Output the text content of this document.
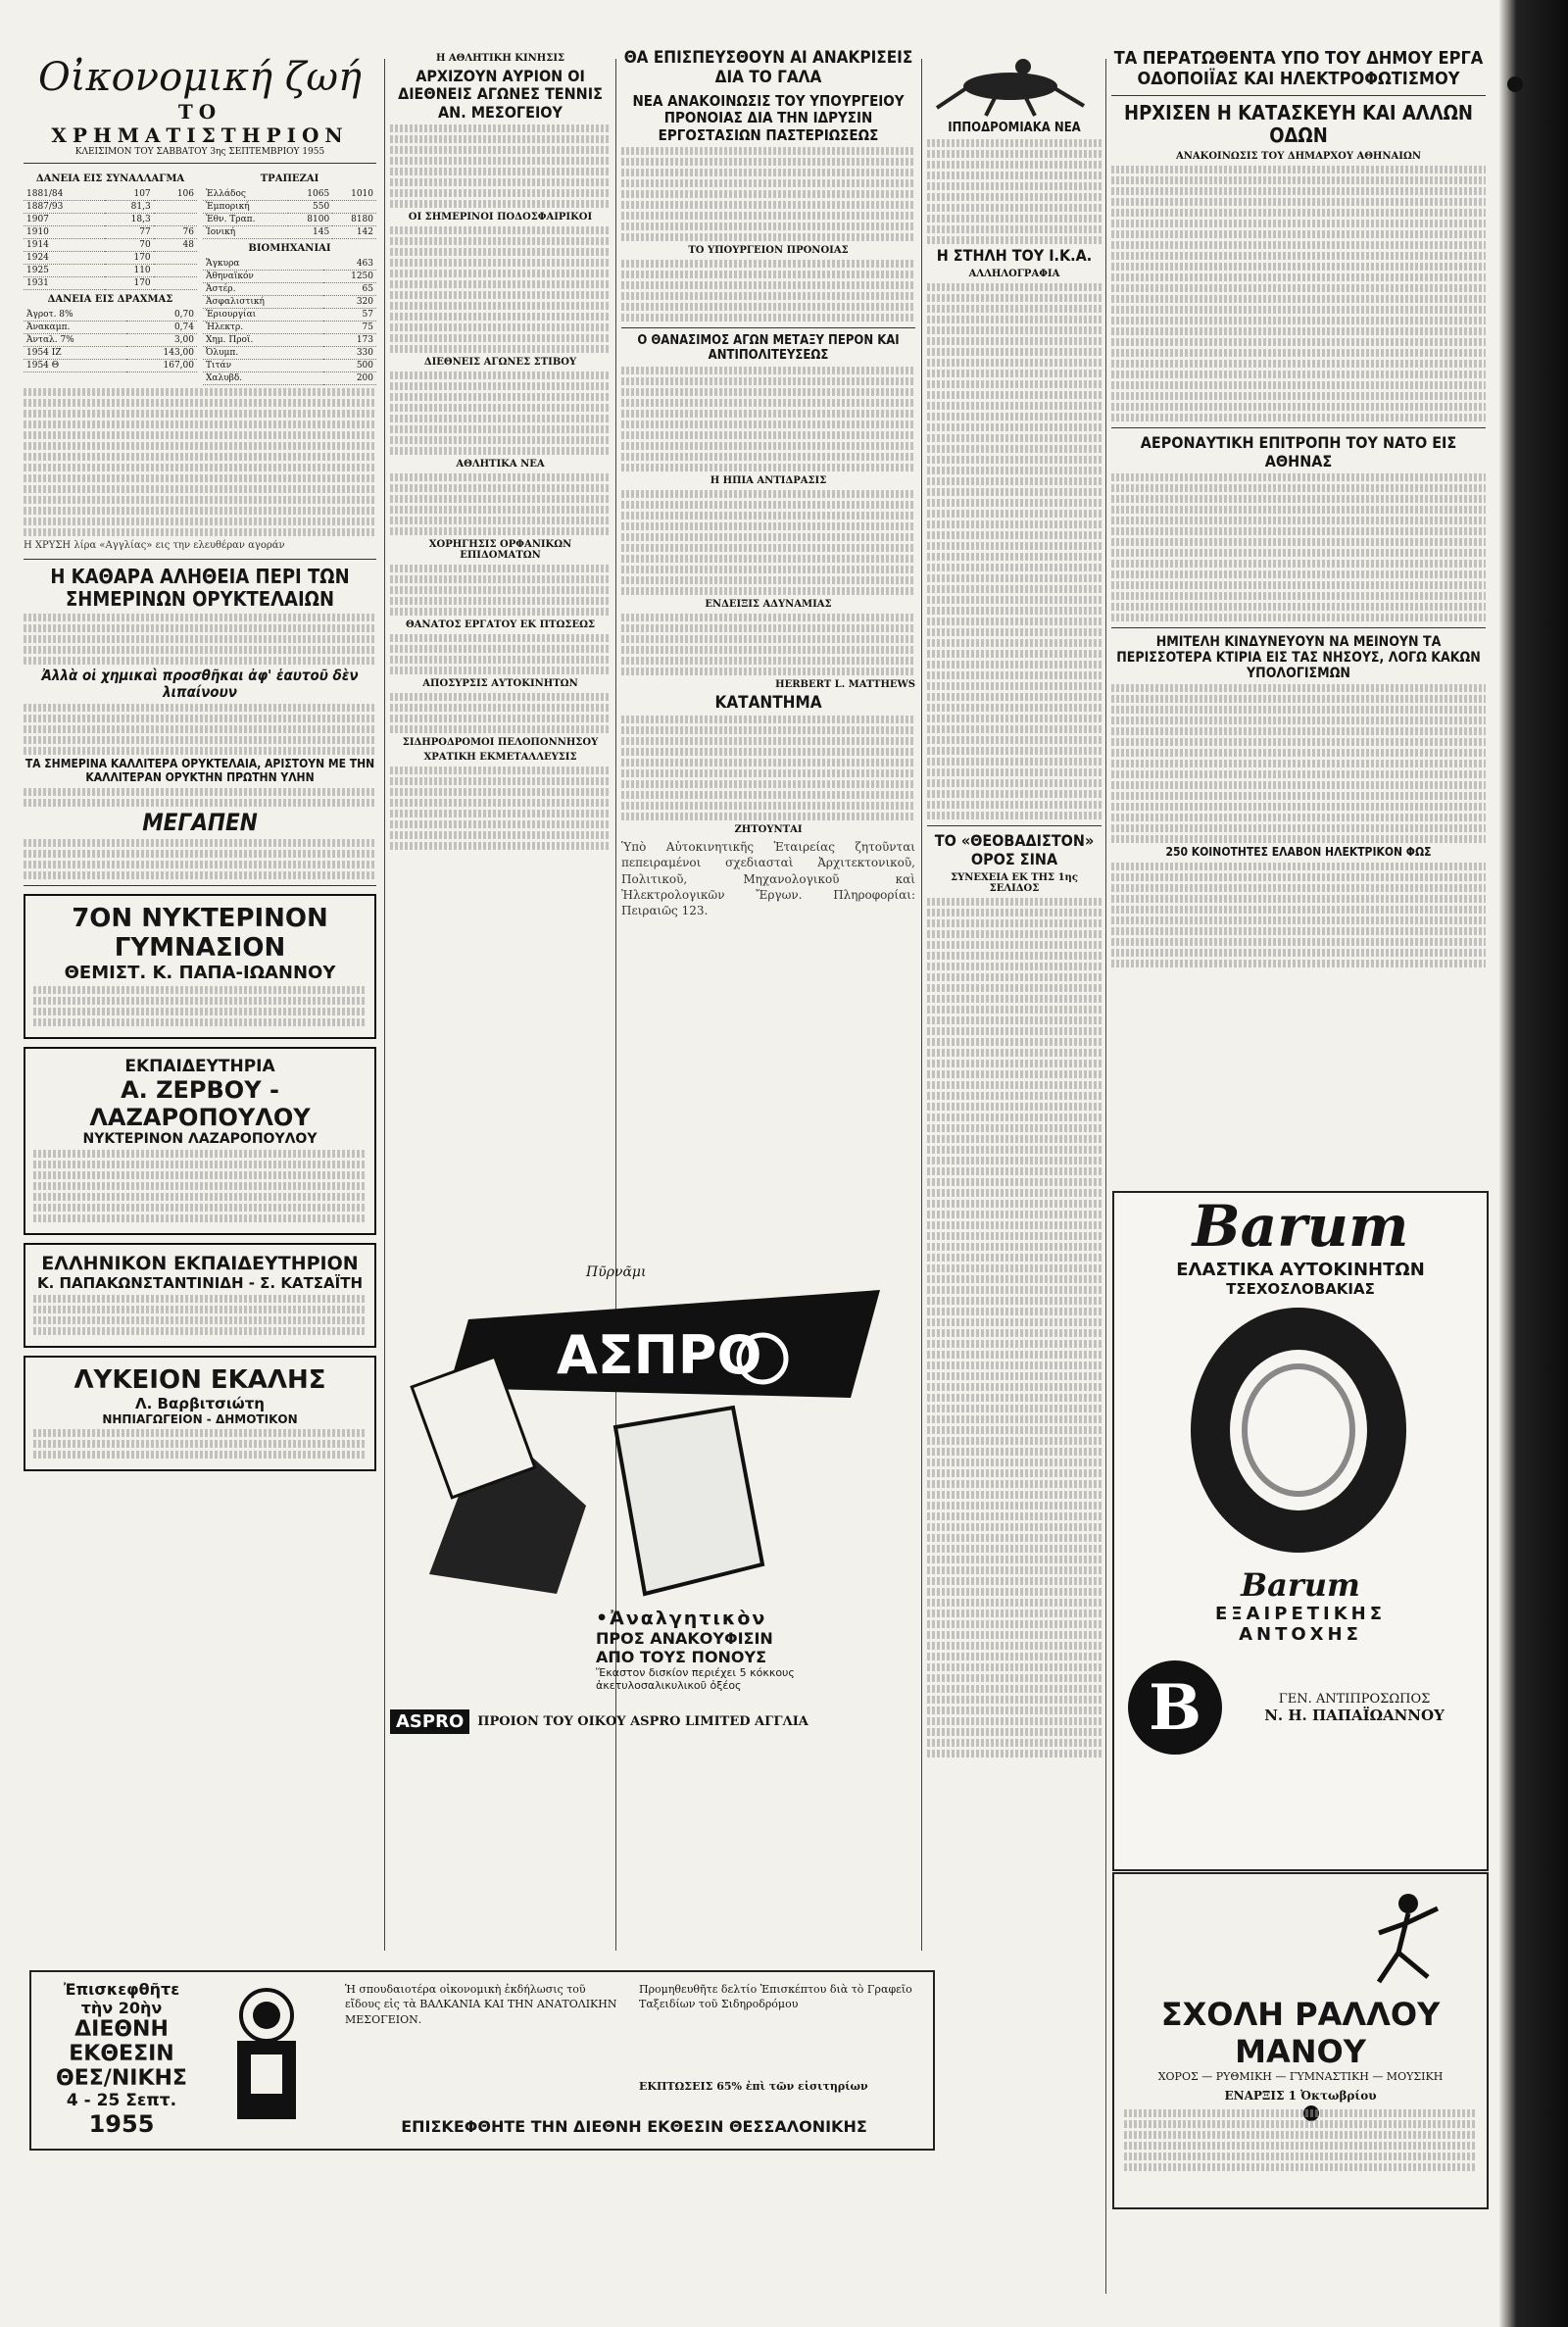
Οἰκονομική ζωή
ΤΟ ΧΡΗΜΑΤΙΣΤΗΡΙΟΝ
ΚΛΕΙΣΙΜΟΝ ΤΟΥ ΣΑΒΒΑΤΟΥ 3ης ΣΕΠΤΕΜΒΡΙΟΥ 1955
ΔΑΝΕΙΑ ΕΙΣ ΣΥΝΑΛΛΑΓΜΑ
1881/84	107	106
1887/93	81,3	
1907	18,3	
1910	77	76
1914	70	48
1924	170	
1925	110	
1931	170	
ΔΑΝΕΙΑ ΕΙΣ ΔΡΑΧΜΑΣ
Ἀγροτ. 8%	0,70
Ἀνακαμπ.	0,74
Ἀνταλ. 7%	3,00
1954 ΙΖ	143,00
1954 Θ	167,00
ΤΡΑΠΕΖΑΙ
Ἑλλάδος	1065	1010
Ἐμπορική	550	
Ἐθν. Τραπ.	8100	8180
Ἰονική	145	142
ΒΙΟΜΗΧΑΝΙΑΙ
Ἄγκυρα	463
Ἀθηναϊκόν	1250
Ἀστέρ.	65
Ἀσφαλιστική	320
Ἐριουργίαι	57
Ἠλεκτρ.	75
Χημ. Προϊ.	173
Ὀλυμπ.	330
Τιτάν	500
Χαλυβδ.	200
Η ΧΡΥΣΗ λίρα «Αγγλίας» εις την ελευθέραν αγοράν
Η ΚΑΘΑΡΑ ΑΛΗΘΕΙΑ ΠΕΡΙ ΤΩΝ ΣΗΜΕΡΙΝΩΝ ΟΡΥΚΤΕΛΑΙΩΝ
Ἀλλὰ οἱ χημικαὶ προσθῆκαι ἀφ' ἑαυτοῦ δὲν λιπαίνουν
ΤΑ ΣΗΜΕΡΙΝΑ ΚΑΛΛΙΤΕΡΑ ΟΡΥΚΤΕΛΑΙΑ, ΑΡΙΣΤΟΥΝ ΜΕ ΤΗΝ ΚΑΛΛΙΤΕΡΑΝ ΟΡΥΚΤΗΝ ΠΡΩΤΗΝ ΥΛΗΝ
ΜΕΓΑΠΕΝ
7ΟΝ ΝΥΚΤΕΡΙΝΟΝ ΓΥΜΝΑΣΙΟΝ
ΘΕΜΙΣΤ. Κ. ΠΑΠΑ-ΙΩΑΝΝΟΥ
ΕΚΠΑΙΔΕΥΤΗΡΙΑ
Α. ΖΕΡΒΟΥ - ΛΑΖΑΡΟΠΟΥΛΟΥ
ΝΥΚΤΕΡΙΝΟΝ ΛΑΖΑΡΟΠΟΥΛΟΥ
ΕΛΛΗΝΙΚΟΝ ΕΚΠΑΙΔΕΥΤΗΡΙΟΝ
Κ. ΠΑΠΑΚΩΝΣΤΑΝΤΙΝΙΔΗ - Σ. ΚΑΤΣΑΪΤΗ
ΛΥΚΕΙΟΝ ΕΚΑΛΗΣ
Λ. Βαρβιτσιώτη
ΝΗΠΙΑΓΩΓΕΙΟΝ - ΔΗΜΟΤΙΚΟΝ
Η ΑΘΛΗΤΙΚΗ ΚΙΝΗΣΙΣ
ΑΡΧΙΖΟΥΝ ΑΥΡΙΟΝ ΟΙ ΔΙΕΘΝΕΙΣ ΑΓΩΝΕΣ ΤΕΝΝΙΣ ΑΝ. ΜΕΣΟΓΕΙΟΥ
ΟΙ ΣΗΜΕΡΙΝΟΙ ΠΟΔΟΣΦΑΙΡΙΚΟΙ
ΔΙΕΘΝΕΙΣ ΑΓΩΝΕΣ ΣΤΙΒΟΥ
ΑΘΛΗΤΙΚΑ ΝΕΑ
ΧΟΡΗΓΗΣΙΣ ΟΡΦΑΝΙΚΩΝ ΕΠΙΔΟΜΑΤΩΝ
ΘΑΝΑΤΟΣ ΕΡΓΑΤΟΥ ΕΚ ΠΤΩΣΕΩΣ
ΑΠΟΣΥΡΣΙΣ ΑΥΤΟΚΙΝΗΤΩΝ
ΣΙΔΗΡΟΔΡΟΜΟΙ ΠΕΛΟΠΟΝΝΗΣΟΥ
ΧΡΑΤΙΚΗ ΕΚΜΕΤΑΛΛΕΥΣΙΣ
ΘΑ ΕΠΙΣΠΕΥΣΘΟΥΝ ΑΙ ΑΝΑΚΡΙΣΕΙΣ ΔΙΑ ΤΟ ΓΑΛΑ
ΝΕΑ ΑΝΑΚΟΙΝΩΣΙΣ ΤΟΥ ΥΠΟΥΡΓΕΙΟΥ ΠΡΟΝΟΙΑΣ ΔΙΑ ΤΗΝ ΙΔΡΥΣΙΝ ΕΡΓΟΣΤΑΣΙΩΝ ΠΑΣΤΕΡΙΩΣΕΩΣ
ΤΟ ΥΠΟΥΡΓΕΙΟΝ ΠΡΟΝΟΙΑΣ
Ο ΘΑΝΑΣΙΜΟΣ ΑΓΩΝ ΜΕΤΑΞΥ ΠΕΡΟΝ ΚΑΙ ΑΝΤΙΠΟΛΙΤΕΥΣΕΩΣ
Η ΗΠΙΑ ΑΝΤΙΔΡΑΣΙΣ
ΕΝΔΕΙΞΙΣ ΑΔΥΝΑΜΙΑΣ
HERBERT L. MATTHEWS
ΚΑΤΑΝΤΗΜΑ
ΖΗΤΟΥΝΤΑΙ
Ὑπὸ Αὐτοκινητικῆς Ἑταιρείας ζητοῦνται πεπειραμένοι σχεδιασταὶ Ἀρχιτεκτονικοῦ, Πολιτικοῦ, Μηχανολογικοῦ καὶ Ἠλεκτρολογικῶν Ἔργων. Πληροφορίαι: Πειραιῶς 123.
ΙΠΠΟΔΡΟΜΙΑΚΑ ΝΕΑ
Η ΣΤΗΛΗ ΤΟΥ Ι.Κ.Α.
ΑΛΛΗΛΟΓΡΑΦΙΑ
ΤΟ «ΘΕΟΒΑΔΙΣΤΟΝ» ΟΡΟΣ ΣΙΝΑ
ΣΥΝΕΧΕΙΑ ΕΚ ΤΗΣ 1ης ΣΕΛΙΔΟΣ
ΤΑ ΠΕΡΑΤΩΘΕΝΤΑ ΥΠΟ ΤΟΥ ΔΗΜΟΥ ΕΡΓΑ ΟΔΟΠΟΙΪΑΣ ΚΑΙ ΗΛΕΚΤΡΟΦΩΤΙΣΜΟΥ
ΗΡΧΙΣΕΝ Η ΚΑΤΑΣΚΕΥΗ ΚΑΙ ΑΛΛΩΝ ΟΔΩΝ
ΑΝΑΚΟΙΝΩΣΙΣ ΤΟΥ ΔΗΜΑΡΧΟΥ ΑΘΗΝΑΙΩΝ
ΑΕΡΟΝΑΥΤΙΚΗ ΕΠΙΤΡΟΠΗ ΤΟΥ ΝΑΤΟ ΕΙΣ ΑΘΗΝΑΣ
ΗΜΙΤΕΛΗ ΚΙΝΔΥΝΕΥΟΥΝ ΝΑ ΜΕΙΝΟΥΝ ΤΑ ΠΕΡΙΣΣΟΤΕΡΑ ΚΤΙΡΙΑ ΕΙΣ ΤΑΣ ΝΗΣΟΥΣ, ΛΟΓΩ ΚΑΚΩΝ ΥΠΟΛΟΓΙΣΜΩΝ
250 ΚΟΙΝΟΤΗΤΕΣ ΕΛΑΒΟΝ ΗΛΕΚΤΡΙΚΟΝ ΦΩΣ
Πῦρνᾶμι
ΑΣΠΡΟ
•Ἀναλγητικὸν
ΠΡΟΣ ΑΝΑΚΟΥΦΙΣΙΝ
ΑΠΟ ΤΟΥΣ ΠΟΝΟΥΣ
Ἕκαστον δισκίον περιέχει 5 κόκκους ἀκετυλοσαλικυλικοῦ ὀξέος
ASPRO	ΠΡΟΙΟΝ ΤΟΥ ΟΙΚΟΥ ASPRO LIMITED ΑΓΓΛΙΑ
Barum
ΕΛΑΣΤΙΚΑ ΑΥΤΟΚΙΝΗΤΩΝ
ΤΣΕΧΟΣΛΟΒΑΚΙΑΣ
Barum
ΕΞΑΙΡΕΤΙΚΗΣ
ΑΝΤΟΧΗΣ
B	ΓΕΝ. ΑΝΤΙΠΡΟΣΩΠΟΣ
Ν. Η. ΠΑΠΑΪΩΑΝΝΟΥ
ΣΧΟΛΗ ΡΑΛΛΟΥ ΜΑΝΟΥ
ΧΟΡΟΣ — ΡΥΘΜΙΚΗ — ΓΥΜΝΑΣΤΙΚΗ — ΜΟΥΣΙΚΗ
ΕΝΑΡΞΙΣ 1 Ὀκτωβρίου
Ἐπισκεφθῆτε
τὴν 20ὴν
ΔΙΕΘΝΗ
ΕΚΘΕΣΙΝ
ΘΕΣ/ΝΙΚΗΣ
4 - 25 Σεπτ.
1955
Ἡ σπουδαιοτέρα οἰκονομικὴ ἐκδήλωσις τοῦ εἴδους εἰς τὰ ΒΑΛΚΑΝΙΑ ΚΑΙ ΤΗΝ ΑΝΑΤΟΛΙΚΗΝ ΜΕΣΟΓΕΙΟΝ.
Προμηθευθῆτε δελτίο Ἐπισκέπτου διὰ τὸ Γραφεῖο Ταξειδίων τοῦ Σιδηροδρόμου
ΕΚΠΤΩΣΕΙΣ 65% ἐπὶ τῶν εἰσιτηρίων
ΕΠΙΣΚΕΦΘΗΤΕ ΤΗΝ ΔΙΕΘΝΗ ΕΚΘΕΣΙΝ ΘΕΣΣΑΛΟΝΙΚΗΣ
